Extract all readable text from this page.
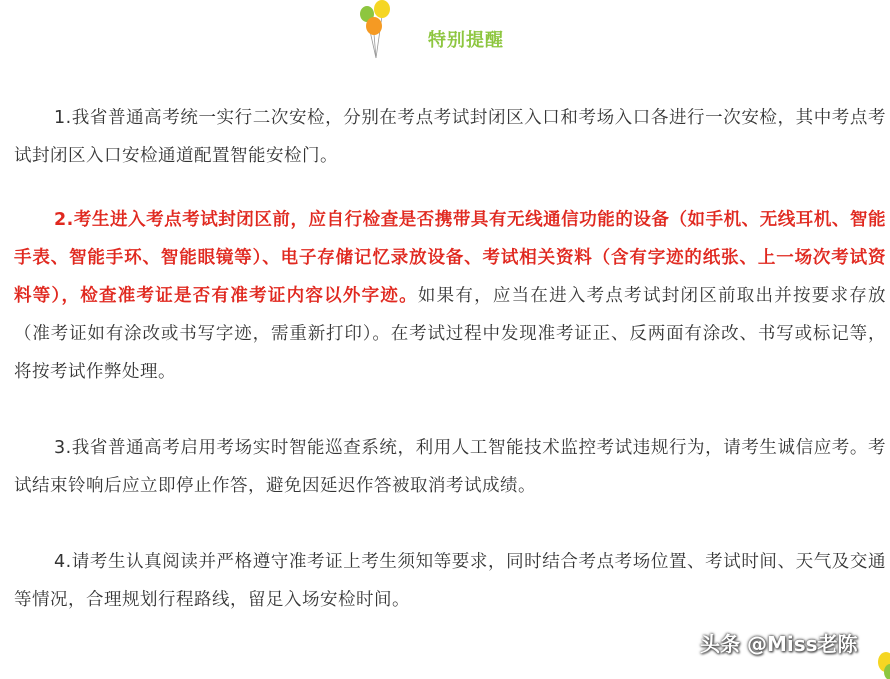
特别提醒

1.我省普通高考统一实行二次安检，分别在考点考试封闭区入口和考场入口各进行一次安检，其中考点考试封闭区入口安检通道配置智能安检门。

2.考生进入考点考试封闭区前，应自行检查是否携带具有无线通信功能的设备（如手机、无线耳机、智能手表、智能手环、智能眼镜等）、电子存储记忆录放设备、考试相关资料（含有字迹的纸张、上一场次考试资料等），检查准考证是否有准考证内容以外字迹。如果有，应当在进入考点考试封闭区前取出并按要求存放（准考证如有涂改或书写字迹，需重新打印）。在考试过程中发现准考证正、反两面有涂改、书写或标记等，将按考试作弊处理。

3.我省普通高考启用考场实时智能巡查系统，利用人工智能技术监控考试违规行为，请考生诚信应考。考试结束铃响后应立即停止作答，避免因延迟作答被取消考试成绩。

4.请考生认真阅读并严格遵守准考证上考生须知等要求，同时结合考点考场位置、考试时间、天气及交通等情况，合理规划行程路线，留足入场安检时间。

头条 @Miss老陈
